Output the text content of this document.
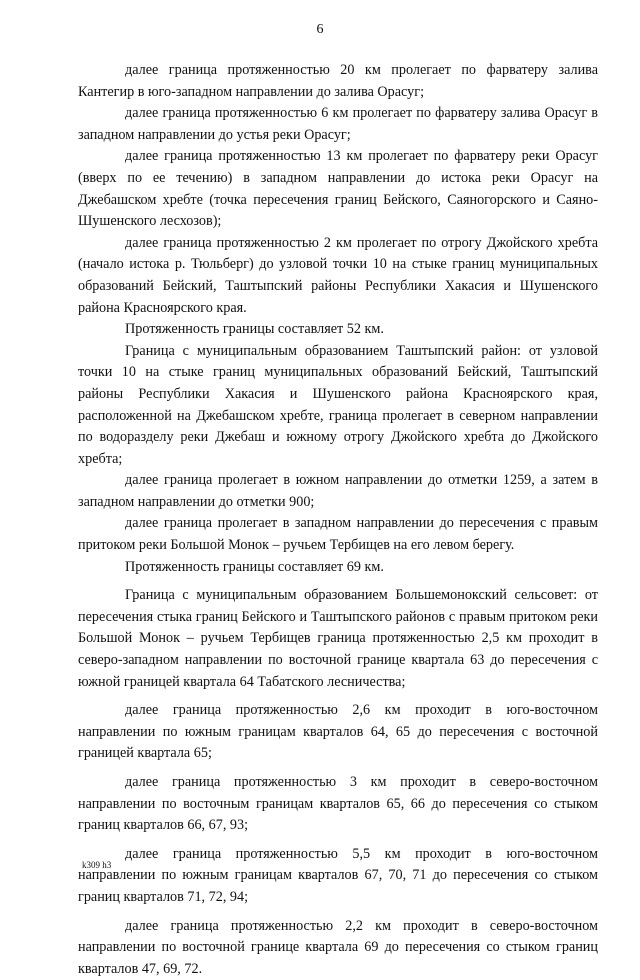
6

далее граница протяженностью 20 км пролегает по фарватеру залива Кантегир в юго-западном направлении до залива Орасуг;

далее граница протяженностью 6 км пролегает по фарватеру залива Орасуг в западном направлении до устья реки Орасуг;

далее граница протяженностью 13 км пролегает по фарватеру реки Орасуг (вверх по ее течению) в западном направлении до истока реки Орасуг на Джебашском хребте (точка пересечения границ Бейского, Саяногорского и Саяно-Шушенского лесхозов);

далее граница протяженностью 2 км пролегает по отрогу Джойского хребта (начало истока р. Тюльберг) до узловой точки 10 на стыке границ муниципальных образований Бейский, Таштыпский районы Республики Хакасия и Шушенского района Красноярского края.

Протяженность границы составляет 52 км.

Граница с муниципальным образованием Таштыпский район: от узловой точки 10 на стыке границ муниципальных образований Бейский, Таштыпский районы Республики Хакасия и Шушенского района Красноярского края, расположенной на Джебашском хребте, граница пролегает в северном направлении по водоразделу реки Джебаш и южному отрогу Джойского хребта до Джойского хребта;

далее граница пролегает в южном направлении до отметки 1259, а затем в западном направлении до отметки 900;

далее граница пролегает в западном направлении до пересечения с правым притоком реки Большой Монок – ручьем Тербищев на его левом берегу.

Протяженность границы составляет 69 км.

Граница с муниципальным образованием Большемонокский сельсовет: от пересечения стыка границ Бейского и Таштыпского районов с правым притоком реки Большой Монок – ручьем Тербищев граница протяженностью 2,5 км проходит в северо-западном направлении по восточной границе квартала 63 до пересечения с южной границей квартала 64 Табатского лесничества;

далее граница протяженностью 2,6 км проходит в юго-восточном направлении по южным границам кварталов 64, 65 до пересечения с восточной границей квартала 65;

далее граница протяженностью 3 км проходит в северо-восточном направлении по восточным границам кварталов 65, 66 до пересечения со стыком границ кварталов 66, 67, 93;

далее граница протяженностью 5,5 км проходит в юго-восточном направлении по южным границам кварталов 67, 70, 71 до пересечения со стыком границ кварталов 71, 72, 94;

далее граница протяженностью 2,2 км проходит в северо-восточном направлении по восточной границе квартала 69 до пересечения со стыком границ кварталов 47, 69, 72.

k309 h3
